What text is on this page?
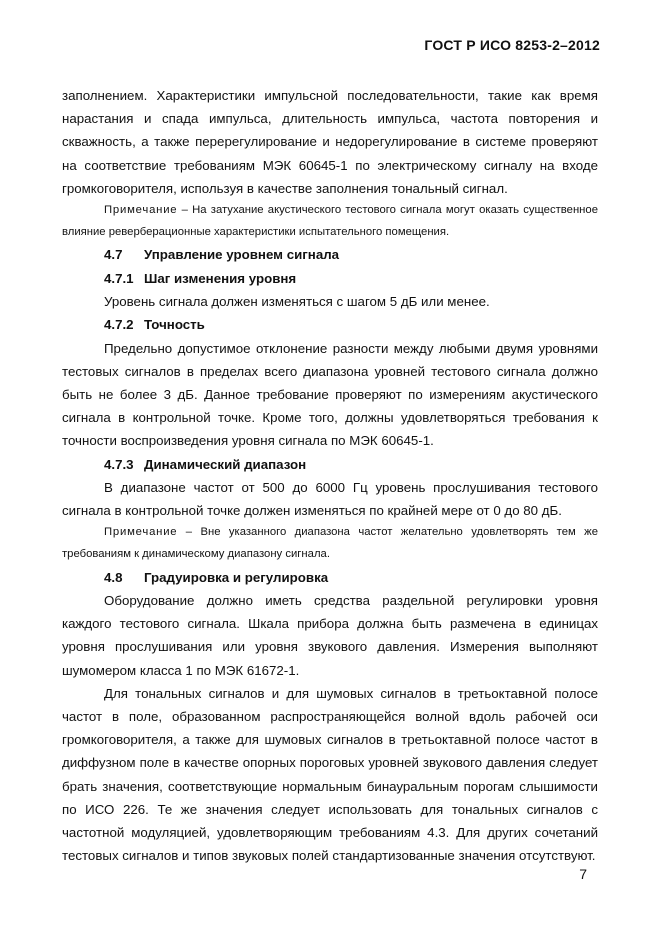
ГОСТ Р ИСО 8253-2–2012

заполнением. Характеристики импульсной последовательности, такие как время нарастания и спада импульса, длительность импульса, частота повторения и скважность, а также перерегулирование и недорегулирование в системе проверяют на соответствие требованиям МЭК 60645-1 по электрическому сигналу на входе громкоговорителя, используя в качестве заполнения тональный сигнал.

Примечание – На затухание акустического тестового сигнала могут оказать существенное влияние реверберационные характеристики испытательного помещения.

4.7 Управление уровнем сигнала

4.7.1 Шаг изменения уровня

Уровень сигнала должен изменяться с шагом 5 дБ или менее.

4.7.2 Точность

Предельно допустимое отклонение разности между любыми двумя уровнями тестовых сигналов в пределах всего диапазона уровней тестового сигнала должно быть не более 3 дБ. Данное требование проверяют по измерениям акустического сигнала в контрольной точке. Кроме того, должны удовлетворяться требования к точности воспроизведения уровня сигнала по МЭК 60645-1.

4.7.3 Динамический диапазон

В диапазоне частот от 500 до 6000 Гц уровень прослушивания тестового сигнала в контрольной точке должен изменяться по крайней мере от 0 до 80 дБ.

Примечание – Вне указанного диапазона частот желательно удовлетворять тем же требованиям к динамическому диапазону сигнала.

4.8 Градуировка и регулировка

Оборудование должно иметь средства раздельной регулировки уровня каждого тестового сигнала. Шкала прибора должна быть размечена в единицах уровня прослушивания или уровня звукового давления. Измерения выполняют шумомером класса 1 по МЭК 61672-1.

Для тональных сигналов и для шумовых сигналов в третьоктавной полосе частот в поле, образованном распространяющейся волной вдоль рабочей оси громкоговорителя, а также для шумовых сигналов в третьоктавной полосе частот в диффузном поле в качестве опорных пороговых уровней звукового давления следует брать значения, соответствующие нормальным бинауральным порогам слышимости по ИСО 226. Те же значения следует использовать для тональных сигналов с частотной модуляцией, удовлетворяющим требованиям 4.3. Для других сочетаний тестовых сигналов и типов звуковых полей стандартизованные значения отсутствуют.

7
